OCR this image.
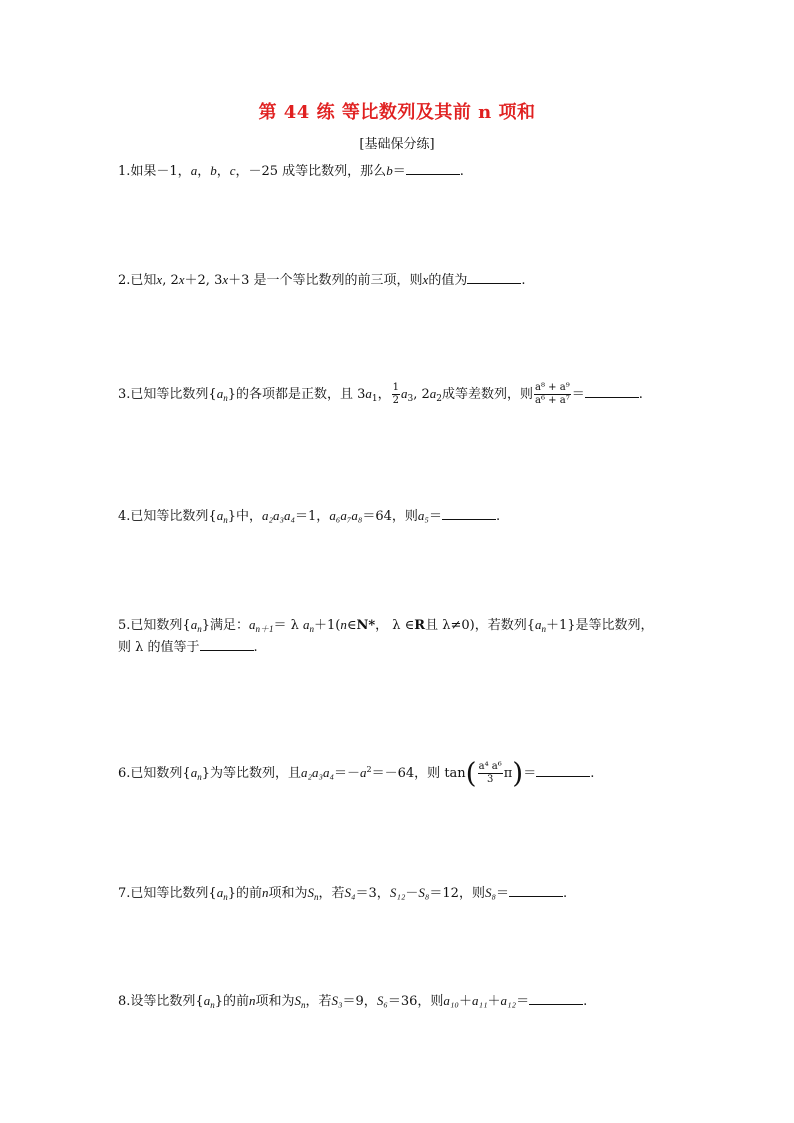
第 44 练 等比数列及其前 n 项和
[基础保分练]
1.如果－1，a，b，c，－25 成等比数列，那么b＝	.
2.已知x, 2x＋2, 3x＋3 是一个等比数列的前三项，则x的值为	.
3.已知等比数列$\{a_n\}$的各项都是正数，且 $3a_1$， $\frac{1}{2} a_3$, $2a_2$成等差数列，则 $\frac{\text{a⁸ + a⁹}}{\text{a⁶ + a⁷}}$ ＝	.
4.已知等比数列$\{a_n\}$中，a₂a₃a₄＝1，a₆a₇a₈＝64，则a₅＝	.
5.已知数列$\{a_n\}$满足：$a_{n+1}= \lambda$ $a_n+1(n\in N*$， λ ∈R且 λ≠0)，若数列$\{a_n+1\}$是等比数列，
则 λ 的值等于	.
6.已知数列$\{a_n\}$为等比数列，且$a_2a_3a_4=-a^2=-64$，则 $\tan( \frac{\text{a⁴ a⁶}}{3} \pi)=$	.
7.已知等比数列$\{a_n\}$的前n项和为$S_n$，若S₄＝3，S₁₂－S₈＝12，则S₈＝	.
8.设等比数列$\{a_n\}$的前n项和为$S_n$，若S₃＝9，S₆＝36，则a₁₀＋a₁₁＋a₁₂＝	.
